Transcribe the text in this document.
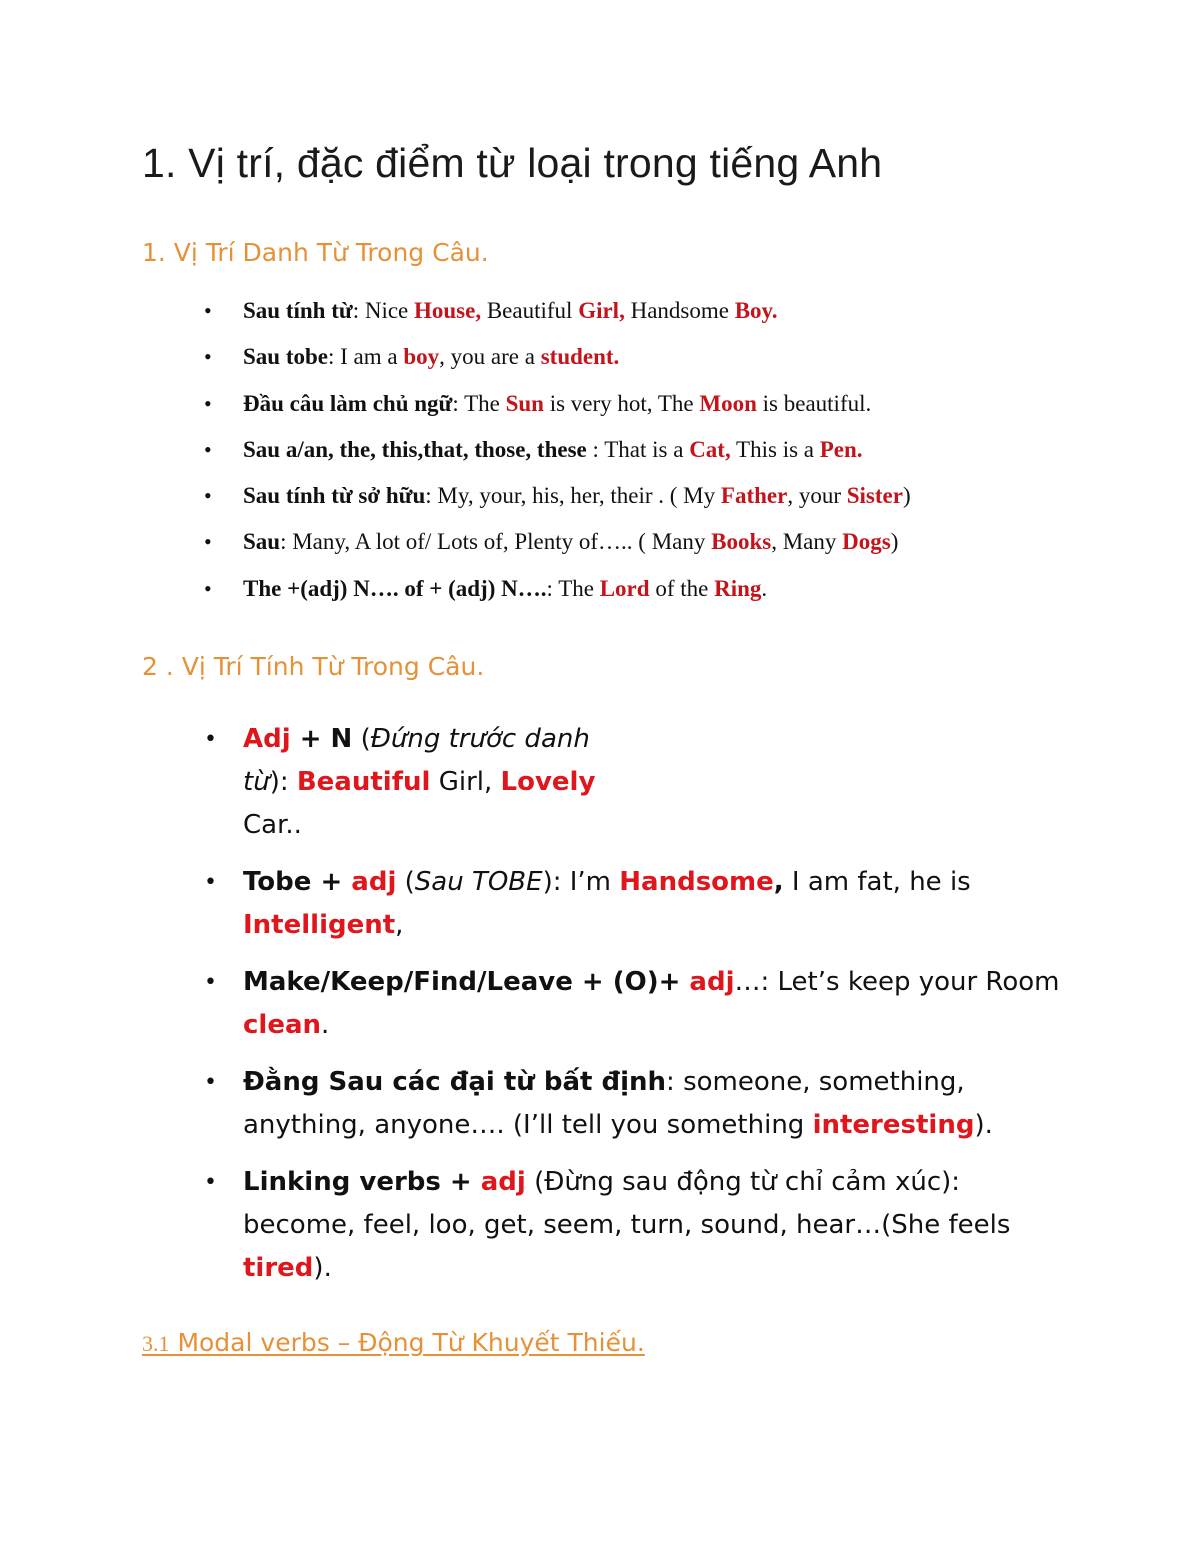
1. Vị trí, đặc điểm từ loại trong tiếng Anh
1. Vị Trí Danh Từ Trong Câu.
• Sau tính từ: Nice House, Beautiful Girl, Handsome Boy.
• Sau tobe: I am a boy, you are a student.
• Đầu câu làm chủ ngữ: The Sun is very hot, The Moon is beautiful.
• Sau a/an, the, this,that, those, these : That is a Cat, This is a Pen.
• Sau tính từ sở hữu: My, your, his, her, their . ( My Father, your Sister)
• Sau: Many, A lot of/ Lots of, Plenty of….. ( Many Books, Many Dogs)
• The +(adj) N…. of + (adj) N….: The Lord of the Ring.
2 . Vị Trí Tính Từ Trong Câu.
• Adj + N (Đứng trước danh từ): Beautiful Girl, Lovely Car..
• Tobe + adj (Sau TOBE): I’m Handsome, I am fat, he is Intelligent,
• Make/Keep/Find/Leave + (O)+ adj…: Let’s keep your Room clean.
• Đằng Sau các đại từ bất định: someone, something, anything, anyone…. (I’ll tell you something interesting).
• Linking verbs + adj (Đừng sau động từ chỉ cảm xúc): become, feel, loo, get, seem, turn, sound, hear…(She feels tired).
3.1 Modal verbs – Động Từ Khuyết Thiếu.
